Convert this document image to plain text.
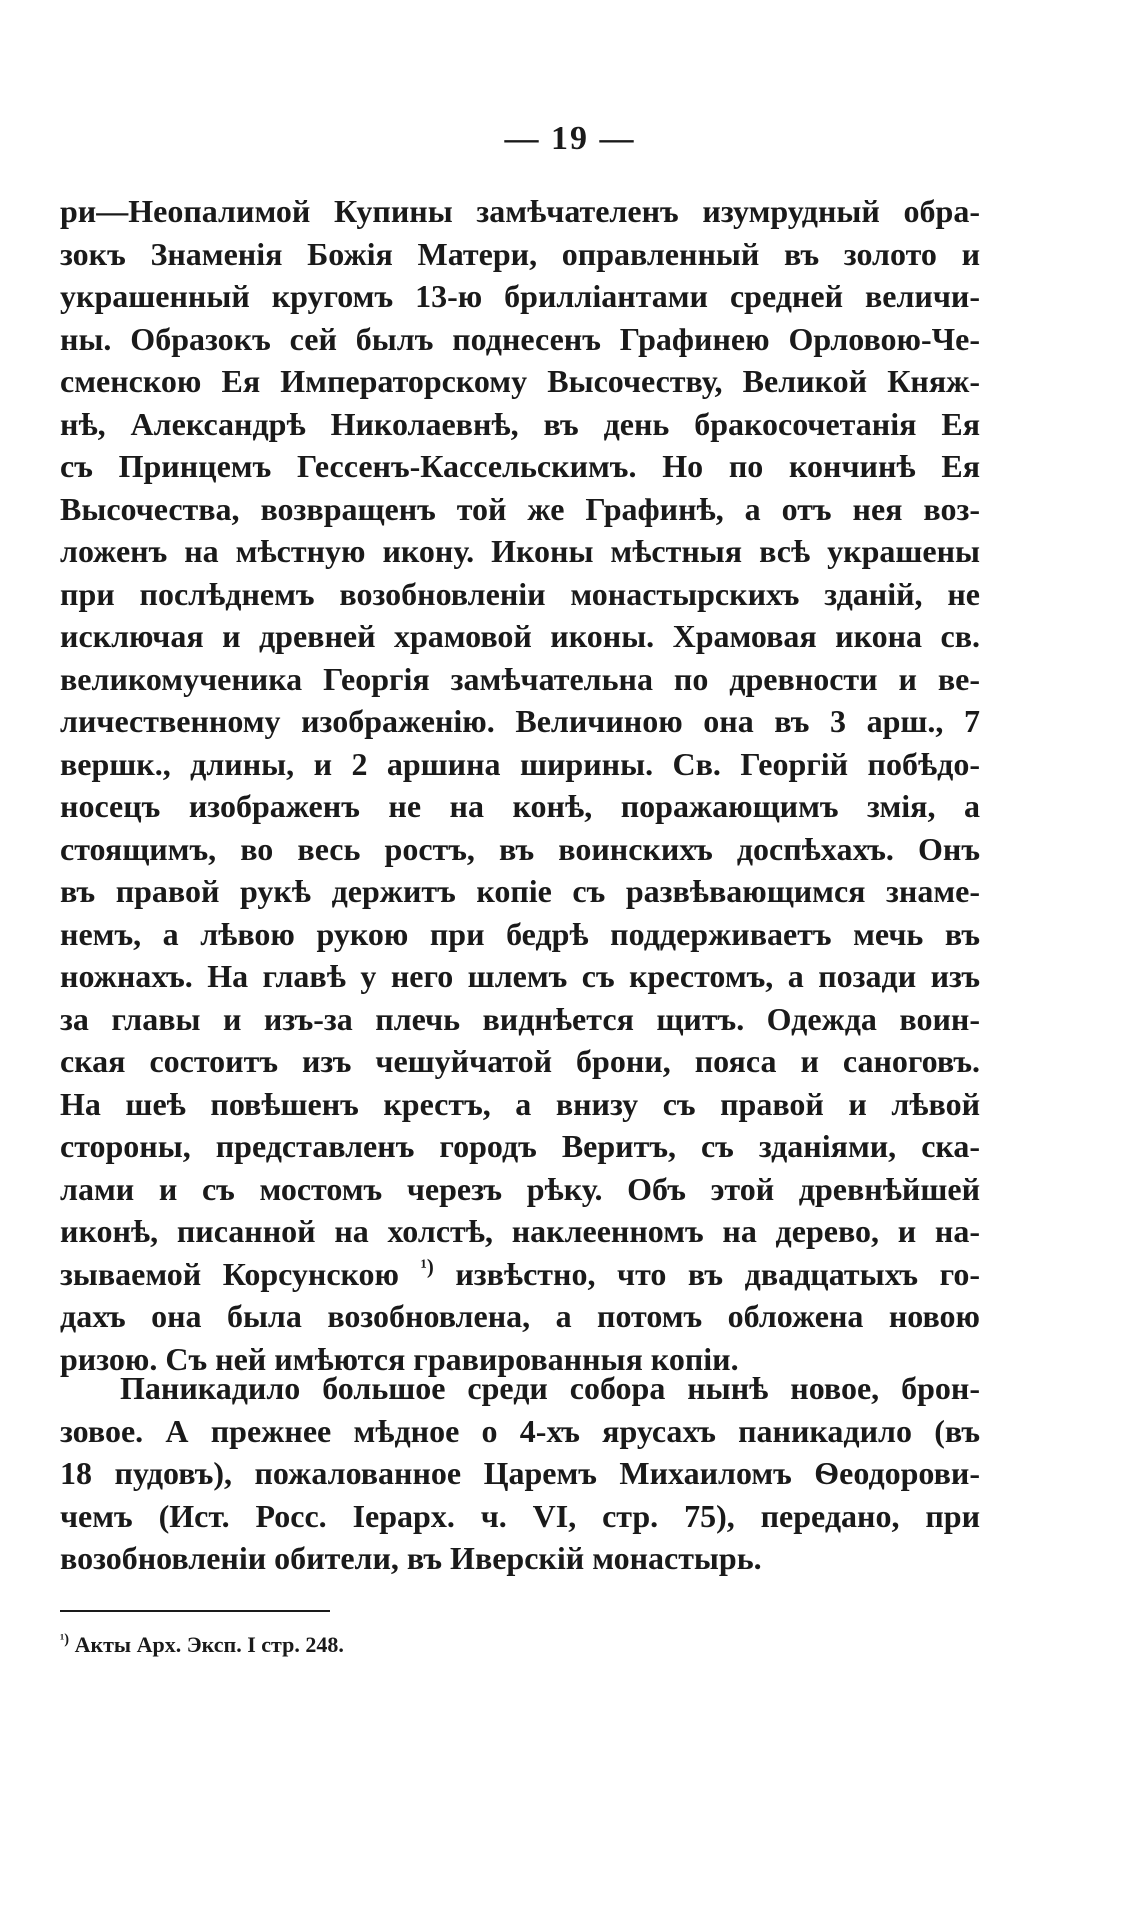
— 19 —
ри—Неопалимой Купины замѣчателенъ изумрудный обра-
зокъ Знаменія Божія Матери, оправленный въ золото и
украшенный кругомъ 13-ю брилліантами средней величи-
ны. Образокъ сей былъ поднесенъ Графинею Орловою-Че-
сменскою Ея Императорскому Высочеству, Великой Княж-
нѣ, Александрѣ Николаевнѣ, въ день бракосочетанія Ея
съ Принцемъ Гессенъ-Кассельскимъ. Но по кончинѣ Ея
Высочества, возвращенъ той же Графинѣ, а отъ нея воз-
ложенъ на мѣстную икону. Иконы мѣстныя всѣ украшены
при послѣднемъ возобновленіи монастырскихъ зданій, не
исключая и древней храмовой иконы. Храмовая икона св.
великомученика Георгія замѣчательна по древности и ве-
личественному изображенію. Величиною она въ 3 арш., 7
вершк., длины, и 2 аршина ширины. Св. Георгій побѣдо-
носецъ изображенъ не на конѣ, поражающимъ змія, а
стоящимъ, во весь ростъ, въ воинскихъ доспѣхахъ. Онъ
въ правой рукѣ держитъ копіе съ развѣвающимся знаме-
немъ, а лѣвою рукою при бедрѣ поддерживаетъ мечь въ
ножнахъ. На главѣ у него шлемъ съ крестомъ, а позади изъ
за главы и изъ-за плечь виднѣется щитъ. Одежда воин-
ская состоитъ изъ чешуйчатой брони, пояса и саноговъ.
На шеѣ повѣшенъ крестъ, а внизу съ правой и лѣвой
стороны, представленъ городъ Веритъ, съ зданіями, ска-
лами и съ мостомъ черезъ рѣку. Объ этой древнѣйшей
иконѣ, писанной на холстѣ, наклеенномъ на дерево, и на-
зываемой Корсунскою $^{^1)}$ извѣстно, что въ двадцатыхъ го-
дахъ она была возобновлена, а потомъ обложена новою
ризою. Съ ней имѣются гравированныя копіи.
Паникадило большое среди собора нынѣ новое, брон-
зовое. А прежнее мѣдное о 4-хъ ярусахъ паникадило (въ
18 пудовъ), пожалованное Царемъ Михаиломъ Ѳеодорови-
чемъ (Ист. Росс. Іерарх. ч. VI, стр. 75), передано, при
возобновленіи обители, въ Иверскій монастырь.
$^{^1)}$ Акты Арх. Эксп. I стр. 248.
